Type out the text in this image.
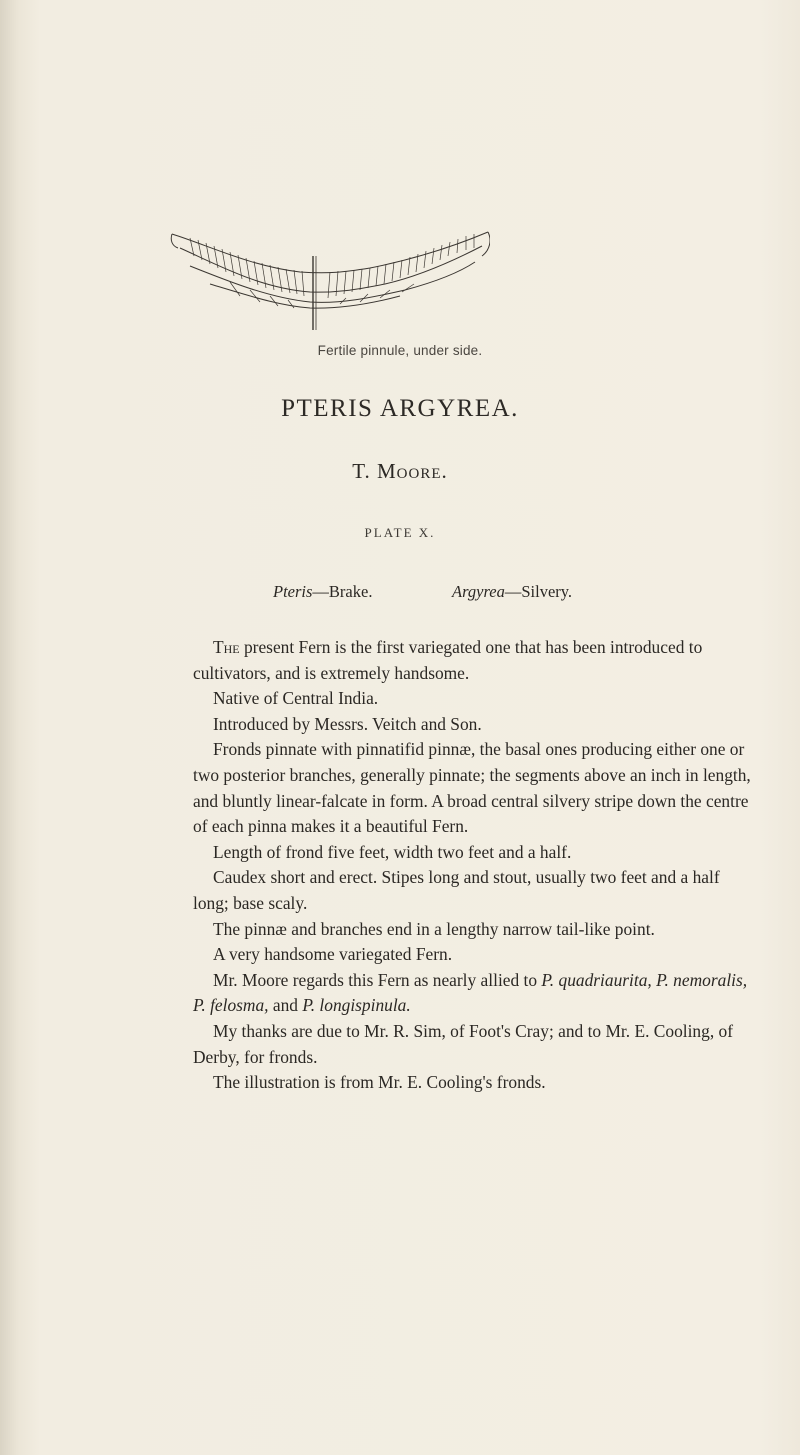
Fertile pinnule, under side.
PTERIS ARGYREA.
T. Moore.
PLATE X.
Pteris—Brake.	Argyrea—Silvery.

The present Fern is the first variegated one that has been introduced to cultivators, and is extremely handsome.

Native of Central India.

Introduced by Messrs. Veitch and Son.

Fronds pinnate with pinnatifid pinnæ, the basal ones producing either one or two posterior branches, generally pinnate; the segments above an inch in length, and bluntly linear-falcate in form. A broad central silvery stripe down the centre of each pinna makes it a beautiful Fern.

Length of frond five feet, width two feet and a half.

Caudex short and erect. Stipes long and stout, usually two feet and a half long; base scaly.

The pinnæ and branches end in a lengthy narrow tail-like point.

A very handsome variegated Fern.

Mr. Moore regards this Fern as nearly allied to P. quadriaurita, P. nemoralis, P. felosma, and P. longispinula.

My thanks are due to Mr. R. Sim, of Foot's Cray; and to Mr. E. Cooling, of Derby, for fronds.

The illustration is from Mr. E. Cooling's fronds.
